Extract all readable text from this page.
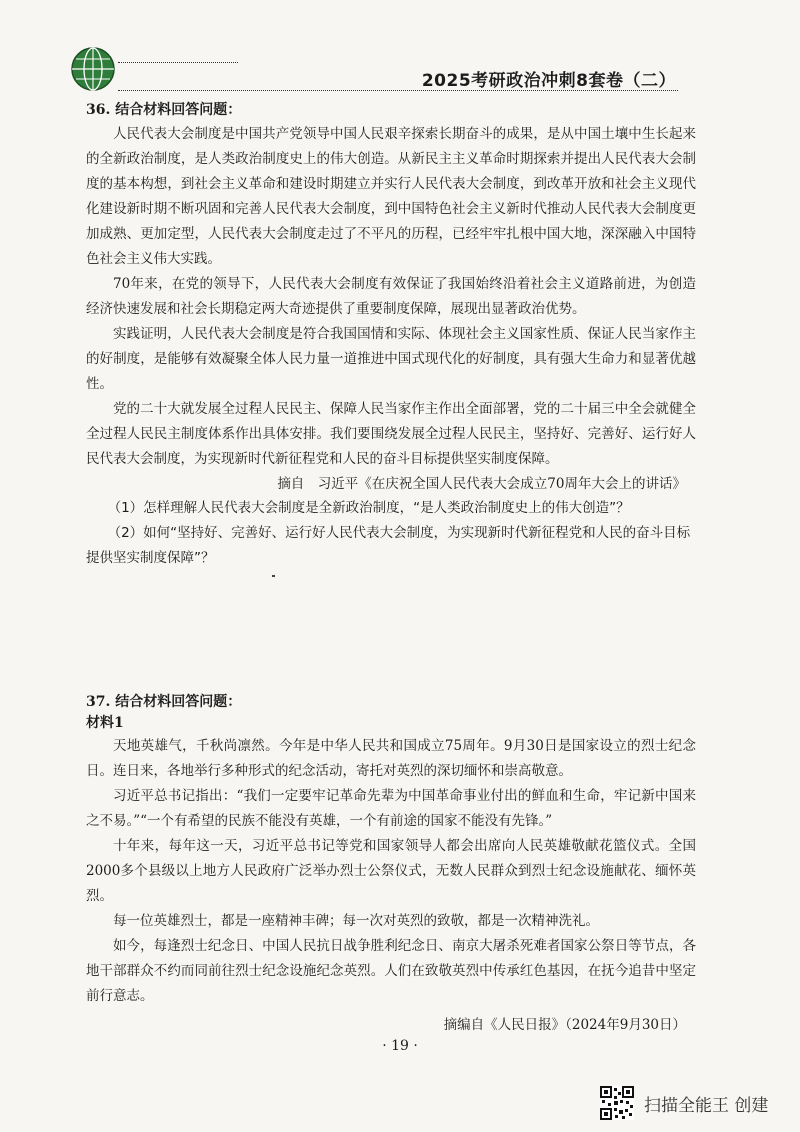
2025考研政治冲刺8套卷（二）

36. 结合材料回答问题：

人民代表大会制度是中国共产党领导中国人民艰辛探索长期奋斗的成果，是从中国土壤中生长起来的全新政治制度，是人类政治制度史上的伟大创造。从新民主主义革命时期探索并提出人民代表大会制度的基本构想，到社会主义革命和建设时期建立并实行人民代表大会制度，到改革开放和社会主义现代化建设新时期不断巩固和完善人民代表大会制度，到中国特色社会主义新时代推动人民代表大会制度更加成熟、更加定型，人民代表大会制度走过了不平凡的历程，已经牢牢扎根中国大地，深深融入中国特色社会主义伟大实践。

70年来，在党的领导下，人民代表大会制度有效保证了我国始终沿着社会主义道路前进，为创造经济快速发展和社会长期稳定两大奇迹提供了重要制度保障，展现出显著政治优势。

实践证明，人民代表大会制度是符合我国国情和实际、体现社会主义国家性质、保证人民当家作主的好制度，是能够有效凝聚全体人民力量一道推进中国式现代化的好制度，具有强大生命力和显著优越性。

党的二十大就发展全过程人民民主、保障人民当家作主作出全面部署，党的二十届三中全会就健全全过程人民民主制度体系作出具体安排。我们要围绕发展全过程人民民主，坚持好、完善好、运行好人民代表大会制度，为实现新时代新征程党和人民的奋斗目标提供坚实制度保障。

摘自　习近平《在庆祝全国人民代表大会成立70周年大会上的讲话》

（1）怎样理解人民代表大会制度是全新政治制度，“是人类政治制度史上的伟大创造”？

（2）如何“坚持好、完善好、运行好人民代表大会制度，为实现新时代新征程党和人民的奋斗目标提供坚实制度保障”？

37. 结合材料回答问题：

材料1

天地英雄气，千秋尚凛然。今年是中华人民共和国成立75周年。9月30日是国家设立的烈士纪念日。连日来，各地举行多种形式的纪念活动，寄托对英烈的深切缅怀和崇高敬意。

习近平总书记指出：“我们一定要牢记革命先辈为中国革命事业付出的鲜血和生命，牢记新中国来之不易。”“一个有希望的民族不能没有英雄，一个有前途的国家不能没有先锋。”

十年来，每年这一天，习近平总书记等党和国家领导人都会出席向人民英雄敬献花篮仪式。全国2000多个县级以上地方人民政府广泛举办烈士公祭仪式，无数人民群众到烈士纪念设施献花、缅怀英烈。

每一位英雄烈士，都是一座精神丰碑；每一次对英烈的致敬，都是一次精神洗礼。

如今，每逢烈士纪念日、中国人民抗日战争胜利纪念日、南京大屠杀死难者国家公祭日等节点，各地干部群众不约而同前往烈士纪念设施纪念英烈。人们在致敬英烈中传承红色基因，在抚今追昔中坚定前行意志。

摘编自《人民日报》（2024年9月30日）

· 19 ·
扫描全能王 创建
